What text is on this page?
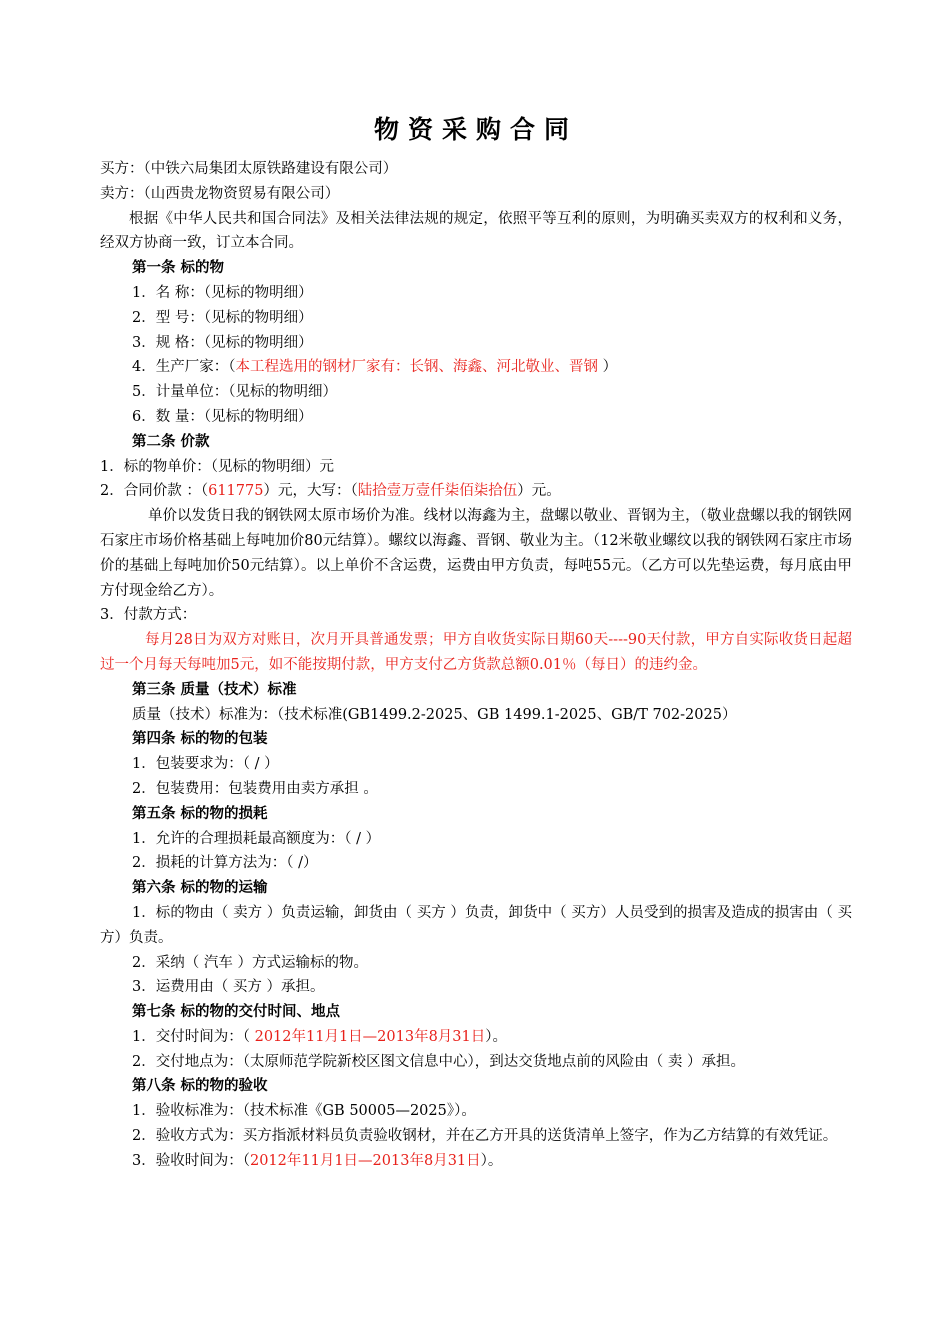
物资采购合同

买方：（中铁六局集团太原铁路建设有限公司）

卖方：（山西贵龙物资贸易有限公司）

根据《中华人民共和国合同法》及相关法律法规的规定，依照平等互利的原则，为明确买卖双方的权利和义务，经双方协商一致，订立本合同。

第一条 标的物

1．名 称：（见标的物明细）

2．型 号：（见标的物明细）

3．规 格：（见标的物明细）

4．生产厂家：（本工程选用的钢材厂家有：长钢、海鑫、河北敬业、晋钢 ）

5．计量单位：（见标的物明细）

6．数 量：（见标的物明细）

第二条 价款

1．标的物单价：（见标的物明细）元

2．合同价款 ：（611775）元，大写：（陆拾壹万壹仟柒佰柒拾伍）元。

单价以发货日我的钢铁网太原市场价为准。线材以海鑫为主，盘螺以敬业、晋钢为主，（敬业盘螺以我的钢铁网石家庄市场价格基础上每吨加价80元结算）。螺纹以海鑫、晋钢、敬业为主。（12米敬业螺纹以我的钢铁网石家庄市场价的基础上每吨加价50元结算）。以上单价不含运费，运费由甲方负责，每吨55元。（乙方可以先垫运费，每月底由甲方付现金给乙方）。

3．付款方式：

每月28日为双方对账日，次月开具普通发票；甲方自收货实际日期60天----90天付款，甲方自实际收货日起超过一个月每天每吨加5元，如不能按期付款，甲方支付乙方货款总额0.01％（每日）的违约金。

第三条 质量（技术）标准

质量（技术）标准为：（技术标准(GB1499.2-2025、GB 1499.1-2025、GB/T 702-2025）

第四条 标的物的包装

1．包装要求为：（ / ）

2．包装费用：包装费用由卖方承担 。

第五条 标的物的损耗

1．允许的合理损耗最高额度为：（ / ）

2．损耗的计算方法为：（ /）

第六条 标的物的运输

1．标的物由（ 卖方 ）负责运输，卸货由（ 买方 ）负责，卸货中（ 买方）人员受到的损害及造成的损害由（ 买方）负责。

2．采纳（ 汽车 ）方式运输标的物。

3．运费用由（ 买方 ）承担。

第七条 标的物的交付时间、地点

1．交付时间为：（ 2012年11月1日—2013年8月31日）。

2．交付地点为：（太原师范学院新校区图文信息中心），到达交货地点前的风险由（ 卖 ）承担。

第八条 标的物的验收

1．验收标准为：（技术标准《GB 50005—2025》）。

2．验收方式为：买方指派材料员负责验收钢材，并在乙方开具的送货清单上签字，作为乙方结算的有效凭证。

3．验收时间为：（2012年11月1日—2013年8月31日）。
